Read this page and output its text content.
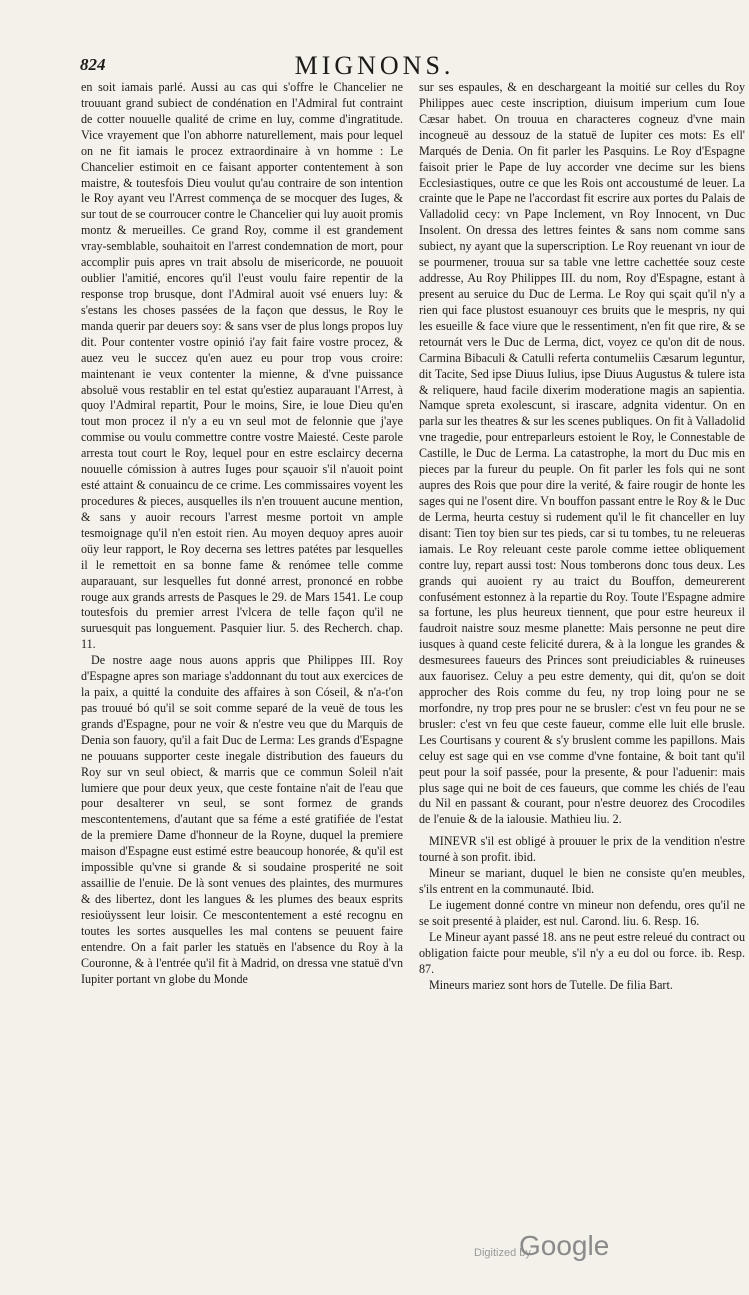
824	MIGNONS.

en soit iamais parlé. Aussi au cas qui s'offre le Chancelier ne trouuant grand subiect de condénation en l'Admiral fut contraint de cotter nouuelle qualité de crime en luy, comme d'ingratitude. Vice vrayement que l'on abhorre naturellement, mais pour lequel on ne fit iamais le procez extraordinaire à vn homme : Le Chancelier estimoit en ce faisant apporter contentement à son maistre, & toutesfois Dieu voulut qu'au contraire de son intention le Roy ayant veu l'Arrest commença de se mocquer des Iuges, & sur tout de se courroucer contre le Chancelier qui luy auoit promis montz & merueilles. Ce grand Roy, comme il est grandement vray-semblable, souhaitoit en l'arrest condemnation de mort, pour accomplir puis apres vn trait absolu de misericorde, ne pouuoit oublier l'amitié, encores qu'il l'eust voulu faire repentir de la response trop brusque, dont l'Admiral auoit vsé enuers luy: & s'estans les choses passées de la façon que dessus, le Roy le manda querir par deuers soy: & sans vser de plus longs propos luy dit. Pour contenter vostre opinió i'ay fait faire vostre procez, & auez veu le succez qu'en auez eu pour trop vous croire: maintenant ie veux contenter la mienne, & d'vne puissance absoluë vous restablir en tel estat qu'estiez auparauant l'Arrest, à quoy l'Admiral repartit, Pour le moins, Sire, ie loue Dieu qu'en tout mon procez il n'y a eu vn seul mot de felonnie que j'aye commise ou voulu commettre contre vostre Maiesté. Ceste parole arresta tout court le Roy, lequel pour en estre esclaircy decerna nouuelle cómission à autres Iuges pour sçauoir s'il n'auoit point esté attaint & conuaincu de ce crime. Les commissaires voyent les procedures & pieces, ausquelles ils n'en trouuent aucune mention, & sans y auoir recours l'arrest mesme portoit vn ample tesmoignage qu'il n'en estoit rien. Au moyen dequoy apres auoir oüy leur rapport, le Roy decerna ses lettres patétes par lesquelles il le remettoit en sa bonne fame & renómee telle comme auparauant, sur lesquelles fut donné arrest, prononcé en robbe rouge aux grands arrests de Pasques le 29. de Mars 1541. Le coup toutesfois du premier arrest l'vlcera de telle façon qu'il ne suruesquit pas longuement. Pasquier liur. 5. des Recherch. chap. 11.

De nostre aage nous auons appris que Philippes III. Roy d'Espagne apres son mariage s'addonnant du tout aux exercices de la paix, a quitté la conduite des affaires à son Cóseil, & n'a-t'on pas trouué bó qu'il se soit comme separé de la veuë de tous les grands d'Espagne, pour ne voir & n'estre veu que du Marquis de Denia son fauory, qu'il a fait Duc de Lerma: Les grands d'Espagne ne pouuans supporter ceste inegale distribution des faueurs du Roy sur vn seul obiect, & marris que ce commun Soleil n'ait lumiere que pour deux yeux, que ceste fontaine n'ait de l'eau que pour desalterer vn seul, se sont formez de grands mescontentemens, d'autant que sa féme a esté gratifiée de l'estat de la premiere Dame d'honneur de la Royne, duquel la premiere maison d'Espagne eust estimé estre beaucoup honorée, & qu'il est impossible qu'vne si grande & si soudaine prosperité ne soit assaillie de l'enuie. De là sont venues des plaintes, des murmures & des libertez, dont les langues & les plumes des beaux esprits resioüyssent leur loisir. Ce mescontentement a esté recognu en toutes les sortes ausquelles les mal contens se peuuent faire entendre. On a fait parler les statuës en l'absence du Roy à la Couronne, & à l'entrée qu'il fit à Madrid, on dressa vne statuë d'vn Iupiter portant vn globe du Monde

sur ses espaules, & en deschargeant la moitié sur celles du Roy Philippes auec ceste inscription, diuisum imperium cum Ioue Cæsar habet. On trouua en characteres cogneuz d'vne main incogneuë au dessouz de la statuë de Iupiter ces mots: Es ell' Marqués de Denia. On fit parler les Pasquins. Le Roy d'Espagne faisoit prier le Pape de luy accorder vne decime sur les biens Ecclesiastiques, outre ce que les Rois ont accoustumé de leuer. La crainte que le Pape ne l'accordast fit escrire aux portes du Palais de Valladolid cecy: vn Pape Inclement, vn Roy Innocent, vn Duc Insolent. On dressa des lettres feintes & sans nom comme sans subiect, ny ayant que la superscription. Le Roy reuenant vn iour de se pourmener, trouua sur sa table vne lettre cachettée souz ceste addresse, Au Roy Philippes III. du nom, Roy d'Espagne, estant à present au seruice du Duc de Lerma. Le Roy qui sçait qu'il n'y a rien qui face plustost esuanouyr ces bruits que le mespris, ny qui les esueille & face viure que le ressentiment, n'en fit que rire, & se retournát vers le Duc de Lerma, dict, voyez ce qu'on dit de nous. Carmina Bibaculi & Catulli referta contumeliis Cæsarum leguntur, dit Tacite, Sed ipse Diuus Iulius, ipse Diuus Augustus & tulere ista & reliquere, haud facile dixerim moderatione magis an sapientia. Namque spreta exolescunt, si irascare, adgnita videntur. On en parla sur les theatres & sur les scenes publiques. On fit à Valladolid vne tragedie, pour entreparleurs estoient le Roy, le Connestable de Castille, le Duc de Lerma. La catastrophe, la mort du Duc mis en pieces par la fureur du peuple. On fit parler les fols qui ne sont aupres des Rois que pour dire la verité, & faire rougir de honte les sages qui ne l'osent dire. Vn bouffon passant entre le Roy & le Duc de Lerma, heurta cestuy si rudement qu'il le fit chanceller en luy disant: Tien toy bien sur tes pieds, car si tu tombes, tu ne releueras iamais. Le Roy releuant ceste parole comme iettee obliquement contre luy, repart aussi tost: Nous tomberons donc tous deux. Les grands qui auoient ry au traict du Bouffon, demeurerent confusément estonnez à la repartie du Roy. Toute l'Espagne admire sa fortune, les plus heureux tiennent, que pour estre heureux il faudroit naistre souz mesme planette: Mais personne ne peut dire iusques à quand ceste felicité durera, & à la longue les grandes & desmesurees faueurs des Princes sont preiudiciables & ruineuses aux fauorisez. Celuy a peu estre dementy, qui dit, qu'on se doit approcher des Rois comme du feu, ny trop loing pour ne se morfondre, ny trop pres pour ne se brusler: c'est vn feu pour ne se brusler: c'est vn feu que ceste faueur, comme elle luit elle brusle. Les Courtisans y courent & s'y bruslent comme les papillons. Mais celuy est sage qui en vse comme d'vne fontaine, & boit tant qu'il peut pour la soif passée, pour la presente, & pour l'aduenir: mais plus sage qui ne boit de ces faueurs, que comme les chiés de l'eau du Nil en passant & courant, pour n'estre deuorez des Crocodiles de l'enuie & de la ialousie. Mathieu liu. 2.

MINEVR s'il est obligé à prouuer le prix de la vendition n'estre tourné à son profit. ibid.

Mineur se mariant, duquel le bien ne consiste qu'en meubles, s'ils entrent en la communauté. Ibid.

Le iugement donné contre vn mineur non defendu, ores qu'il ne se soit presenté à plaider, est nul. Carond. liu. 6. Resp. 16.

Le Mineur ayant passé 18. ans ne peut estre releué du contract ou obligation faicte pour meuble, s'il n'y a eu dol ou force. ib. Resp. 87.

Mineurs mariez sont hors de Tutelle. De filia Bart.

Digitized by
Google
